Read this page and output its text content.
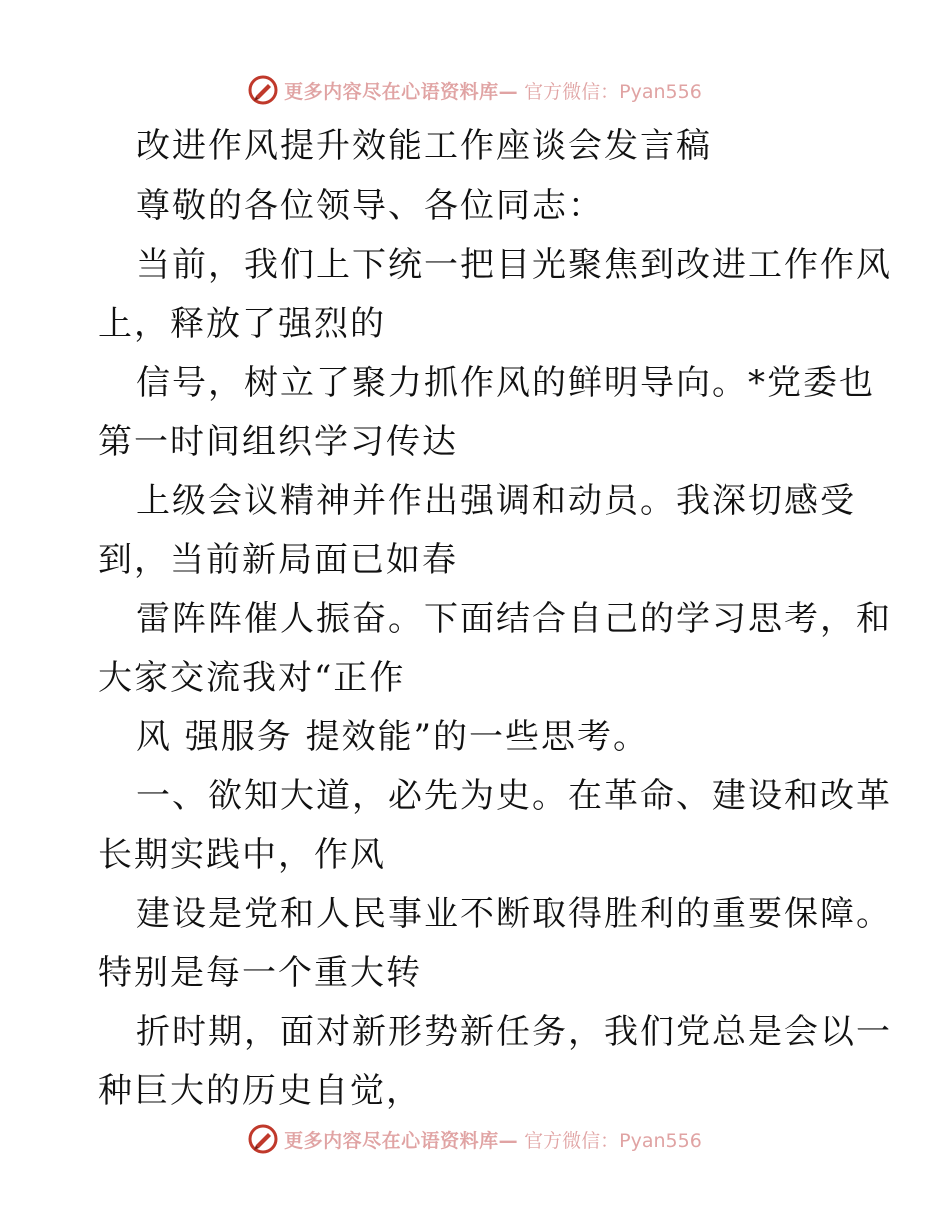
更多内容尽在心语资料库— 官方微信：Pyan556
改进作风提升效能工作座谈会发言稿
尊敬的各位领导、各位同志：
当前，我们上下统一把目光聚焦到改进工作作风
上，释放了强烈的
信号，树立了聚力抓作风的鲜明导向。*党委也
第一时间组织学习传达
上级会议精神并作出强调和动员。我深切感受
到，当前新局面已如春
雷阵阵催人振奋。下面结合自己的学习思考，和
大家交流我对“正作
风 强服务 提效能”的一些思考。
一、欲知大道，必先为史。在革命、建设和改革
长期实践中，作风
建设是党和人民事业不断取得胜利的重要保障。
特别是每一个重大转
折时期，面对新形势新任务，我们党总是会以一
种巨大的历史自觉，
更多内容尽在心语资料库— 官方微信：Pyan556
